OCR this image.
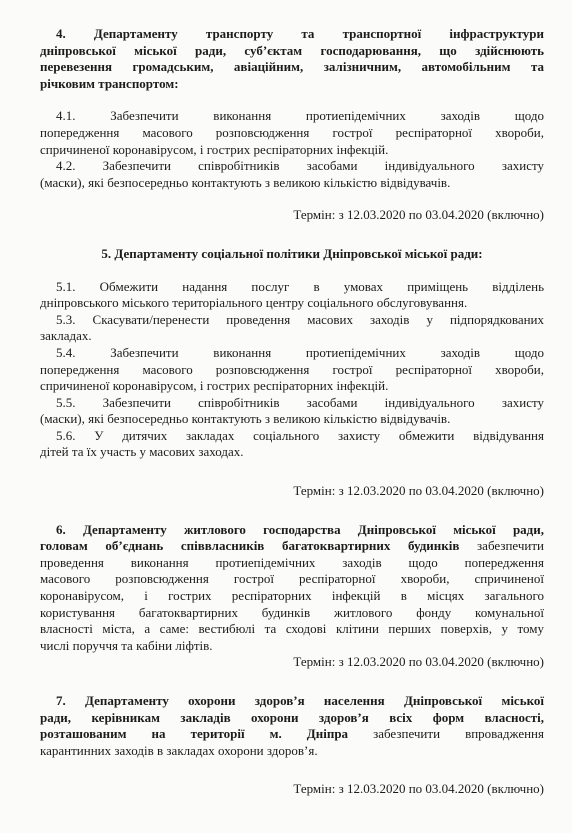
4. Департаменту транспорту та транспортної інфраструктури

дніпровської міської ради, суб’єктам господарювання, що здійснюють

перевезення громадським, авіаційним, залізничним, автомобільним та

річковим транспортом:

4.1. Забезпечити виконання протиепідемічних заходів щодо

попередження масового розповсюдження гострої респіраторної хвороби,

спричиненої коронавірусом, і гострих респіраторних інфекцій.

4.2. Забезпечити співробітників засобами індивідуального захисту

(маски), які безпосередньо контактують з великою кількістю відвідувачів.

Термін: з 12.03.2020 по 03.04.2020 (включно)

5. Департаменту соціальної політики Дніпровської міської ради:

5.1. Обмежити надання послуг в умовах приміщень відділень

дніпровського міського територіального центру соціального обслуговування.

5.3. Скасувати/перенести проведення масових заходів у підпорядкованих

закладах.

5.4. Забезпечити виконання протиепідемічних заходів щодо

попередження масового розповсюдження гострої респіраторної хвороби,

спричиненої коронавірусом, і гострих респіраторних інфекцій.

5.5. Забезпечити співробітників засобами індивідуального захисту

(маски), які безпосередньо контактують з великою кількістю відвідувачів.

5.6. У дитячих закладах соціального захисту обмежити відвідування

дітей та їх участь у масових заходах.

Термін: з 12.03.2020 по 03.04.2020 (включно)

6. Департаменту житлового господарства Дніпровської міської ради,

головам об’єднань співвласників багатоквартирних будинків забезпечити

проведення виконання протиепідемічних заходів щодо попередження

масового розповсюдження гострої респіраторної хвороби, спричиненої

коронавірусом, і гострих респіраторних інфекцій в місцях загального

користування багатоквартирних будинків житлового фонду комунальної

власності міста, а саме: вестибюлі та сходові клітини перших поверхів, у тому

числі поруччя та кабіни ліфтів.

Термін: з 12.03.2020 по 03.04.2020 (включно)

7. Департаменту охорони здоров’я населення Дніпровської міської

ради, керівникам закладів охорони здоров’я всіх форм власності,

розташованим на території м. Дніпра забезпечити впровадження

карантинних заходів в закладах охорони здоров’я.

Термін: з 12.03.2020 по 03.04.2020 (включно)
